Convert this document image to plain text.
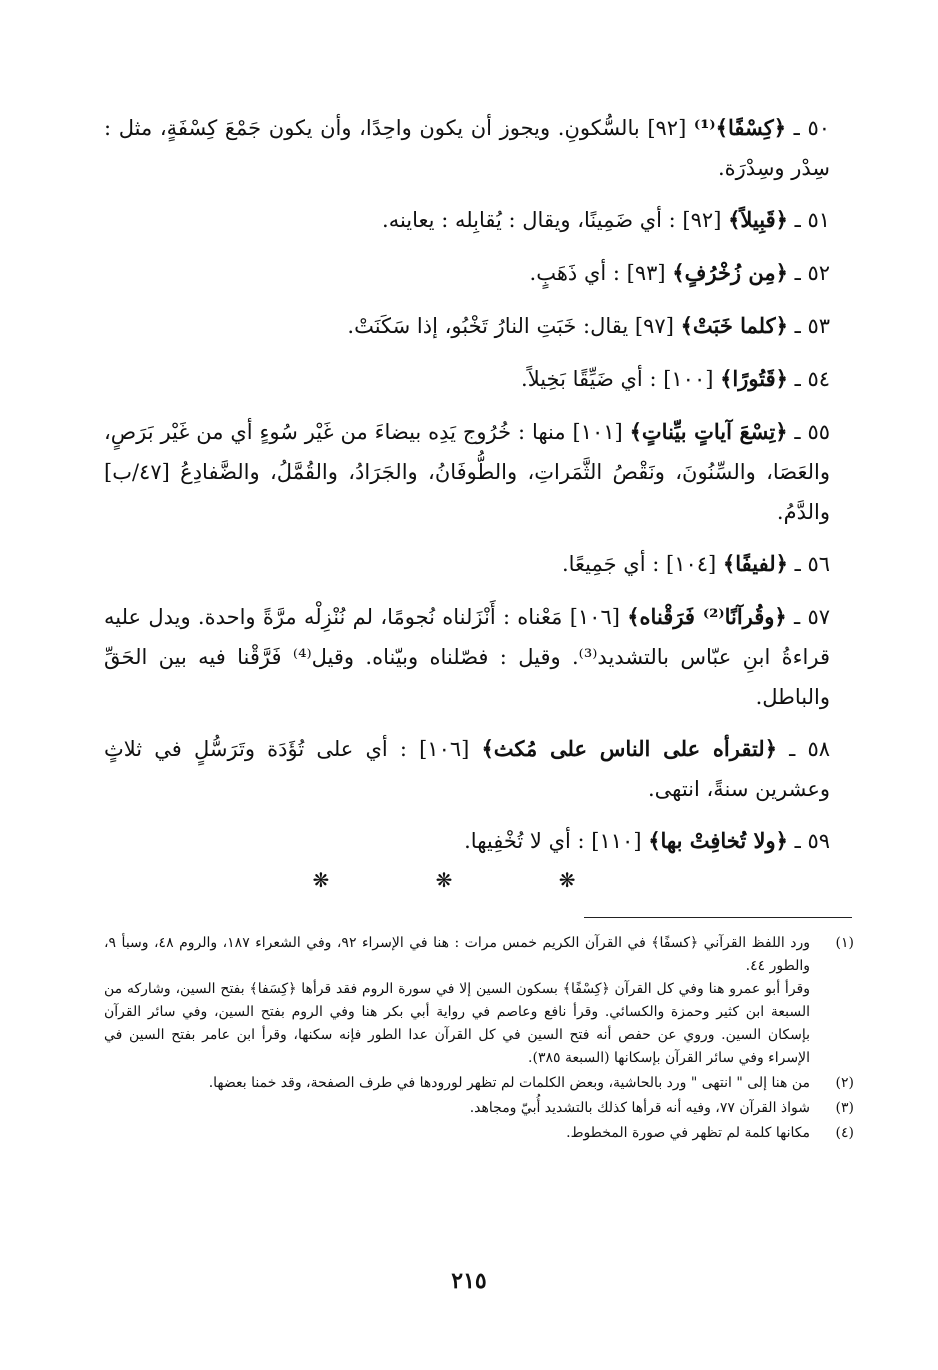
٥٠ ـ ﴿كِسْفًا﴾⁽¹⁾ [٩٢] بالسُّكونِ. ويجوز أن يكون واحِدًا، وأن يكون جَمْعَ كِسْفَةٍ، مثل : سِدْر وسِدْرَة.

٥١ ـ ﴿قَبِيلاً﴾ [٩٢] : أي ضَمِينًا، ويقال : يُقابِله : يعاينه.

٥٢ ـ ﴿مِن زُخْرُفٍ﴾ [٩٣] : أي ذَهَبٍ.

٥٣ ـ ﴿كلما خَبَتْ﴾ [٩٧] يقال: خَبَتِ النارُ تَخْبُو، إذا سَكَنَتْ.

٥٤ ـ ﴿قَتُورًا﴾ [١٠٠] : أي ضَيِّقًا بَخِيلاً.

٥٥ ـ ﴿تِسْعَ آياتٍ بيِّناتٍ﴾ [١٠١] منها : خُرُوج يَدِه بيضاءَ من غَيْر سُوءٍ أي من غَيْر بَرَصٍ، والعَصَا، والسِّنُونَ، ونَقْصُ الثَّمَراتِ، والطُّوفَانُ، والجَرَادُ، والقُمَّلُ، والضَّفادِعُ [٤٧/ب] والدَّمُ.

٥٦ ـ ﴿لفيفًا﴾ [١٠٤] : أي جَمِيعًا.

٥٧ ـ ﴿وقُرآنًا⁽²⁾ فَرَقْناه﴾ [١٠٦] مَعْناه : أَنْزَلناه نُجومًا، لم نُنْزِلْه مرَّةً واحدة. ويدل عليه قراءةُ ابنِ عبّاس بالتشديد⁽³⁾. وقيل : فصّلناه وبيّناه. وقيل⁽⁴⁾ فَرَّقْنا فيه بين الحَقِّ والباطل.

٥٨ ـ ﴿لتقرأه على الناس على مُكث﴾ [١٠٦] : أي على تُؤَدَة وتَرَسُّلٍ في ثلاثٍ وعشرين سنةً، انتهى.

٥٩ ـ ﴿ولا تُخافِتْ بها﴾ [١١٠] : أي لا تُخْفِيها.

❋ ❋ ❋
(١)
ورد اللفظ القرآني ﴿كسفًا﴾ في القرآن الكريم خمس مرات : هنا في الإسراء ٩٢، وفي الشعراء ١٨٧، والروم ٤٨، وسبأ ٩، والطور ٤٤.
وقرأ أبو عمرو هنا وفي كل القرآن ﴿كِسْفًا﴾ بسكون السين إلا في سورة الروم فقد قرأها ﴿كِسَفا﴾ بفتح السين، وشاركه من السبعة ابن كثير وحمزة والكسائي. وقرأ نافع وعاصم في رواية أبي بكر هنا وفي الروم بفتح السين، وفي سائر القرآن بإسكان السين. وروي عن حفص أنه فتح السين في كل القرآن عدا الطور فإنه سكنها، وقرأ ابن عامر بفتح السين في الإسراء وفي سائر القرآن بإسكانها (السبعة ٣٨٥).
(٢)
من هنا إلى " انتهى " ورد بالحاشية، وبعض الكلمات لم تظهر لورودها في طرف الصفحة، وقد خمنا بعضها.
(٣)
شواذ القرآن ٧٧، وفيه أنه قرأها كذلك بالتشديد أُبيّ ومجاهد.
(٤)
مكانها كلمة لم تظهر في صورة المخطوط.
٢١٥
